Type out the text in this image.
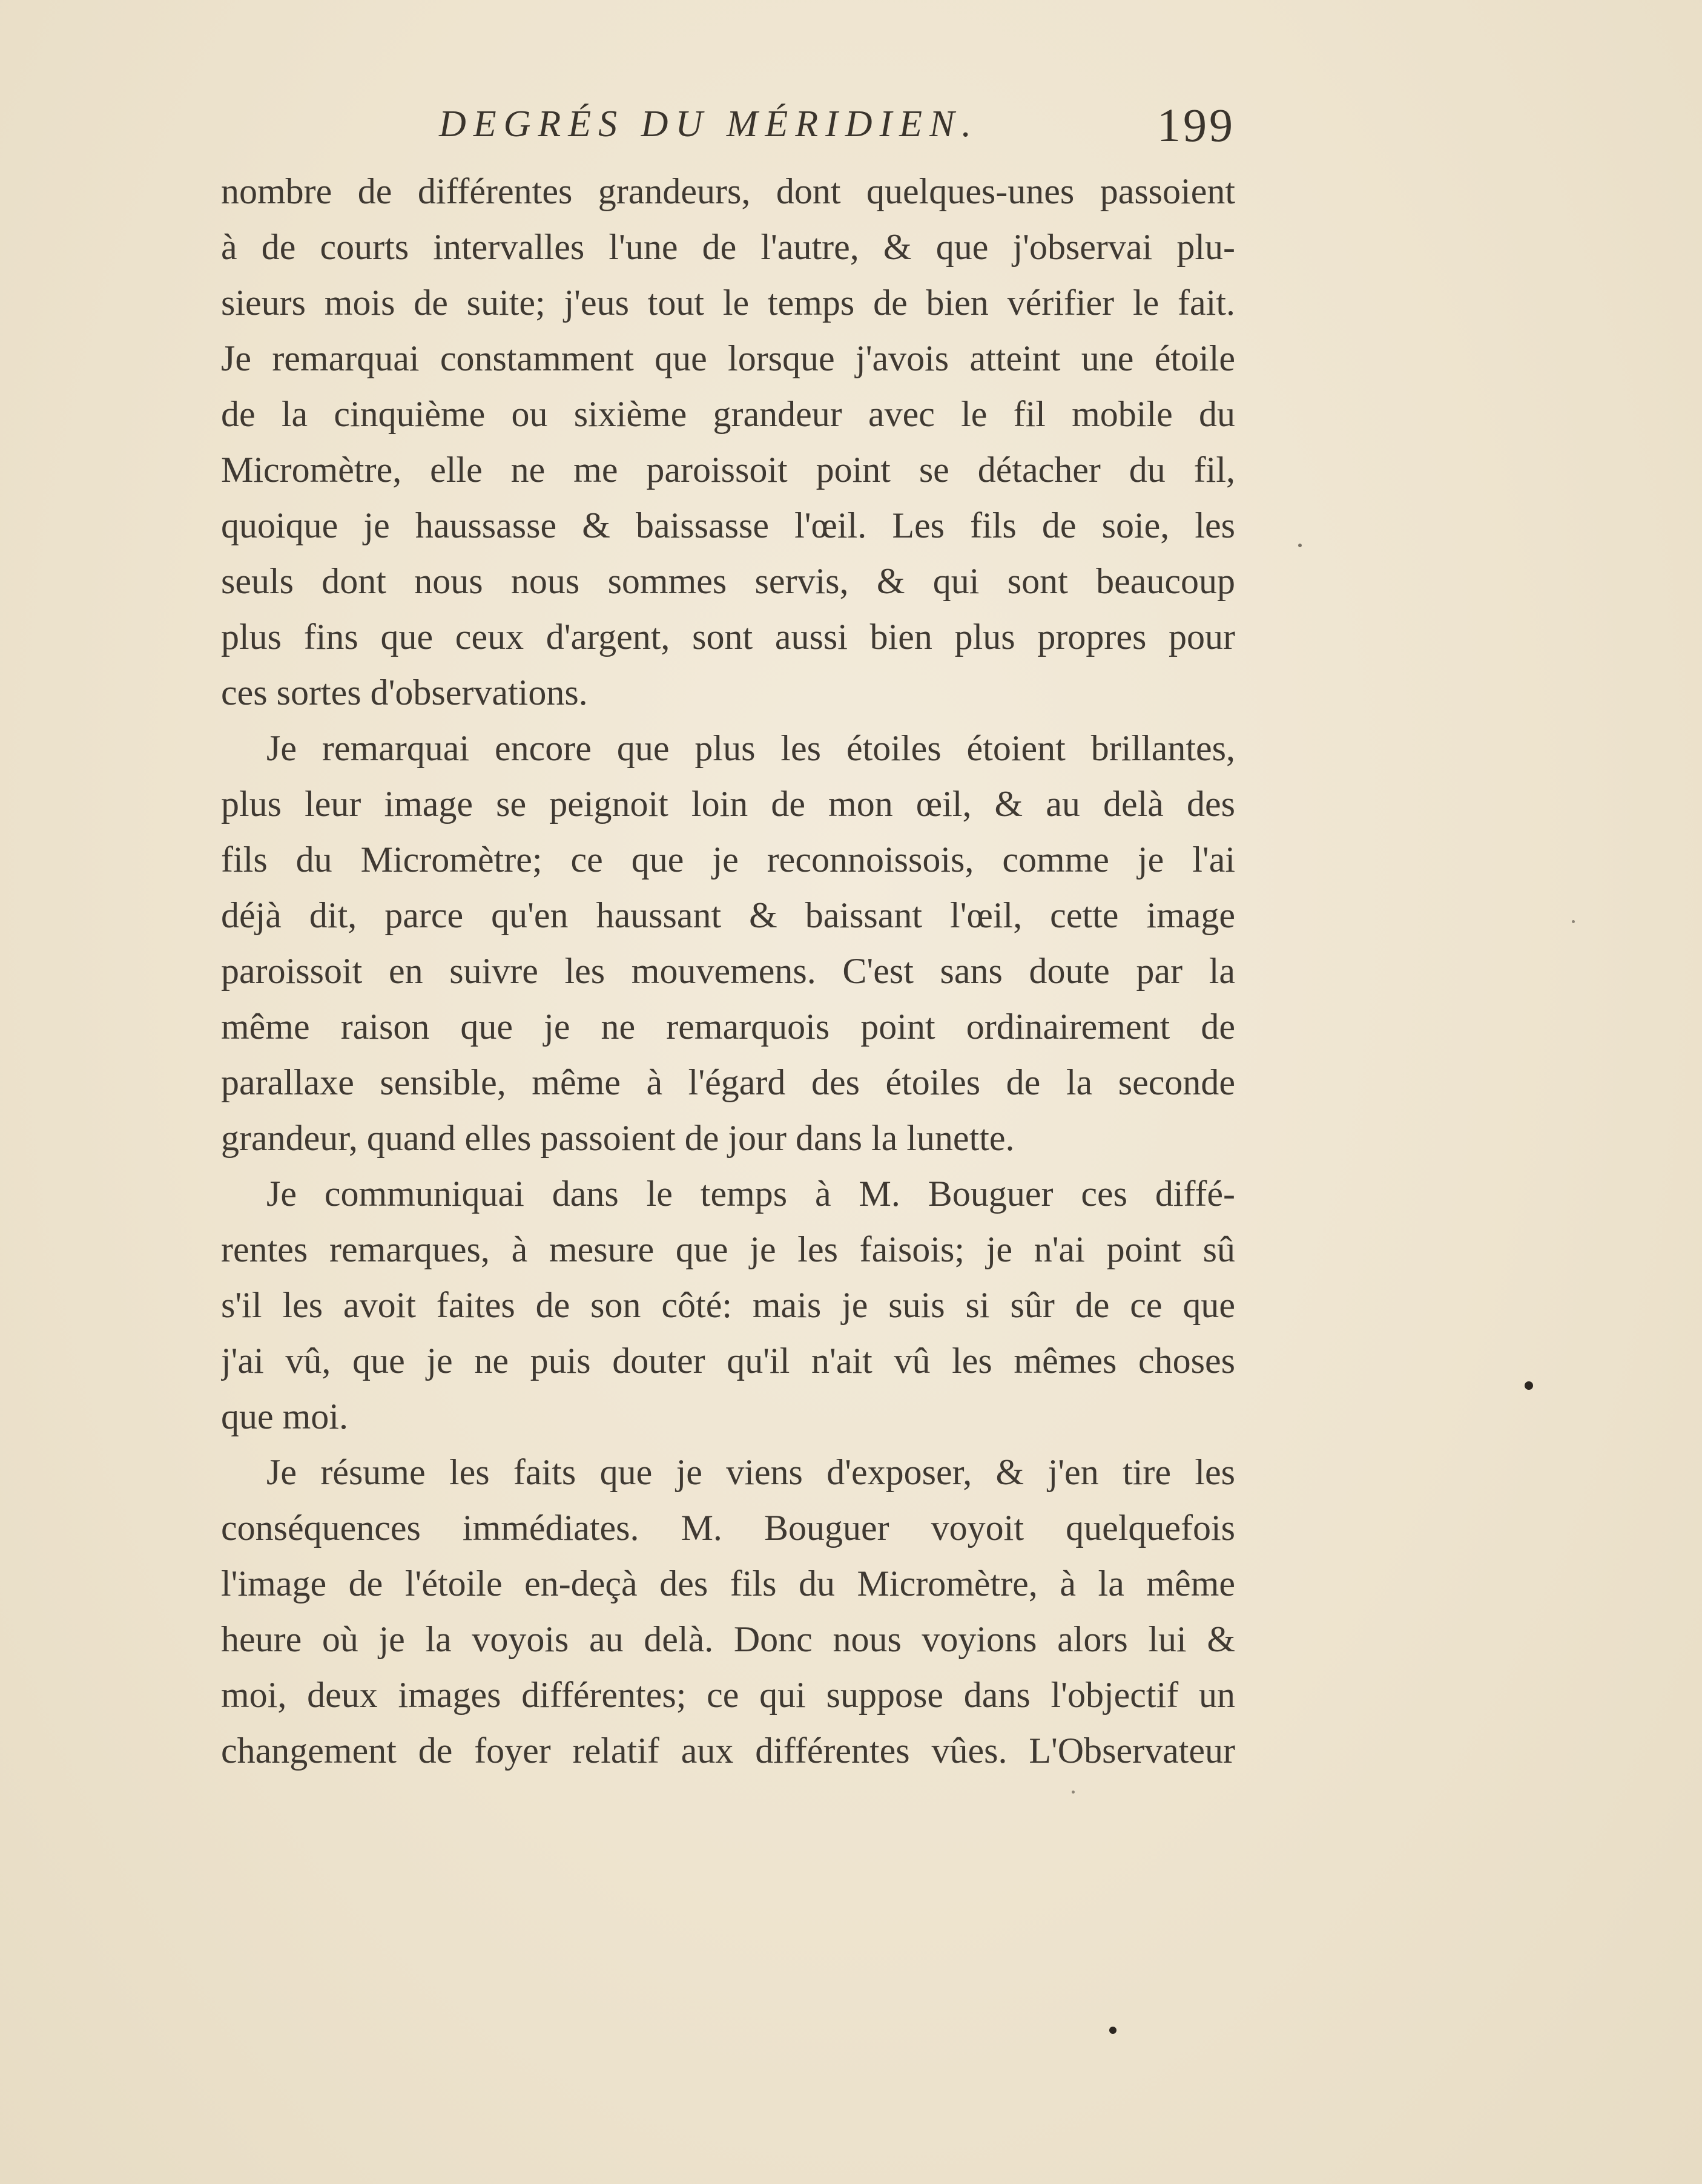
DEGRÉS DU MÉRIDIEN.	199
nombre de différentes grandeurs, dont quelques-unes passoient
à de courts intervalles l'une de l'autre, & que j'observai plu-
sieurs mois de suite; j'eus tout le temps de bien vérifier le fait.
Je remarquai constamment que lorsque j'avois atteint une étoile
de la cinquième ou sixième grandeur avec le fil mobile du
Micromètre, elle ne me paroissoit point se détacher du fil,
quoique je haussasse & baissasse l'œil. Les fils de soie, les
seuls dont nous nous sommes servis, & qui sont beaucoup
plus fins que ceux d'argent, sont aussi bien plus propres pour
ces sortes d'observations.
Je remarquai encore que plus les étoiles étoient brillantes,
plus leur image se peignoit loin de mon œil, & au delà des
fils du Micromètre; ce que je reconnoissois, comme je l'ai
déjà dit, parce qu'en haussant & baissant l'œil, cette image
paroissoit en suivre les mouvemens. C'est sans doute par la
même raison que je ne remarquois point ordinairement de
parallaxe sensible, même à l'égard des étoiles de la seconde
grandeur, quand elles passoient de jour dans la lunette.
Je communiquai dans le temps à M. Bouguer ces diffé-
rentes remarques, à mesure que je les faisois; je n'ai point sû
s'il les avoit faites de son côté: mais je suis si sûr de ce que
j'ai vû, que je ne puis douter qu'il n'ait vû les mêmes choses
que moi.
Je résume les faits que je viens d'exposer, & j'en tire les
conséquences immédiates. M. Bouguer voyoit quelquefois
l'image de l'étoile en-deçà des fils du Micromètre, à la même
heure où je la voyois au delà. Donc nous voyions alors lui &
moi, deux images différentes; ce qui suppose dans l'objectif un
changement de foyer relatif aux différentes vûes. L'Observateur
